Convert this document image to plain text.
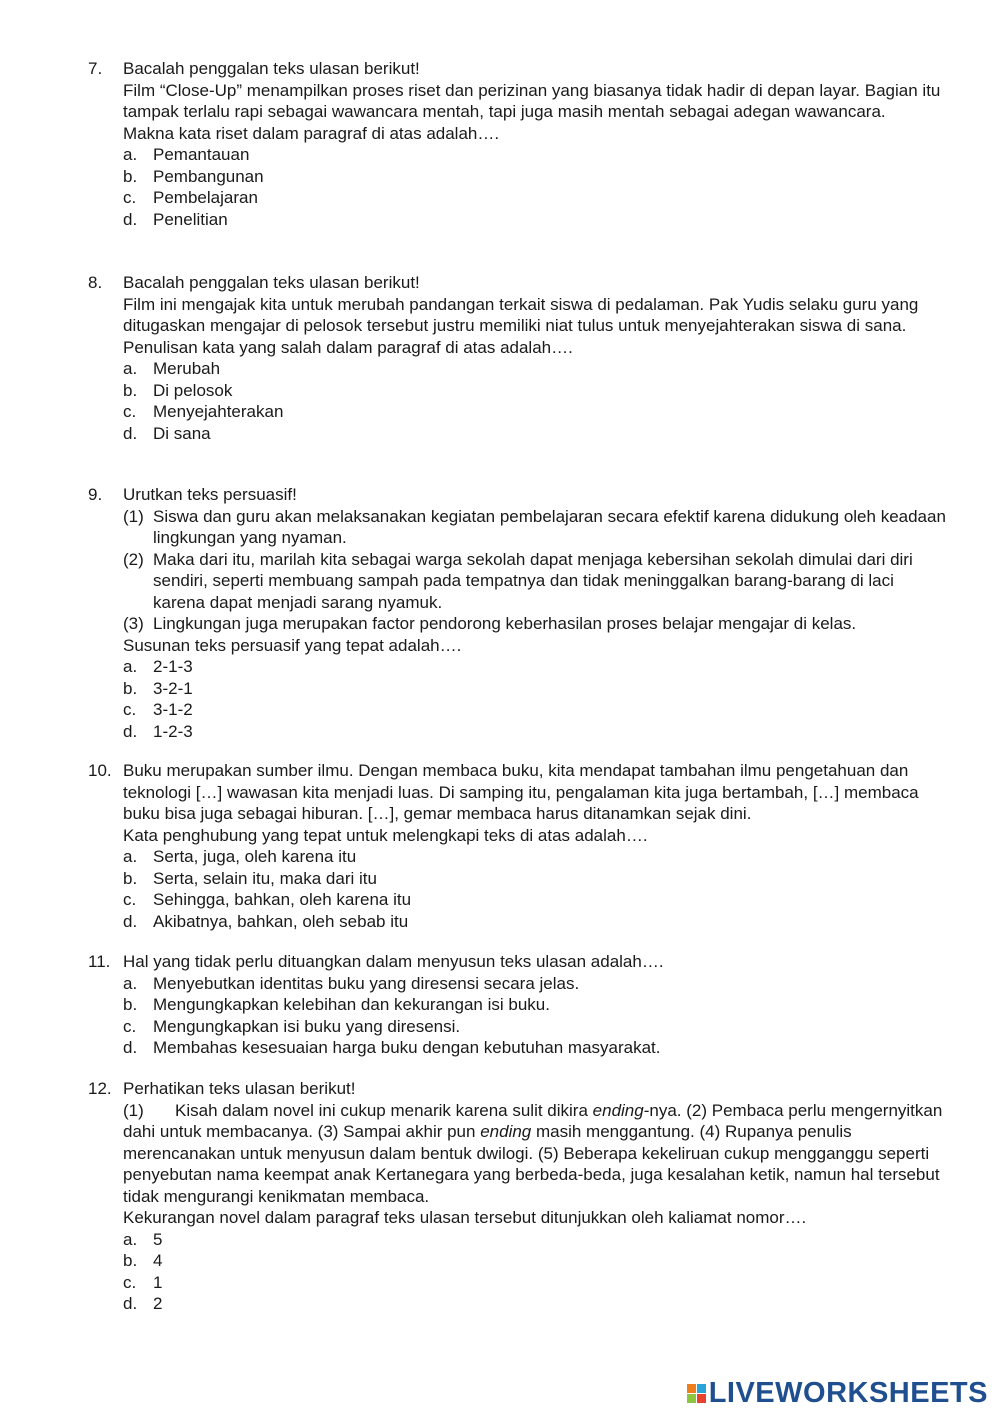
7. Bacalah penggalan teks ulasan berikut!

Film “Close-Up” menampilkan proses riset dan perizinan yang biasanya tidak hadir di depan layar. Bagian itu tampak terlalu rapi sebagai wawancara mentah, tapi juga masih mentah sebagai adegan wawancara.

Makna kata riset dalam paragraf di atas adalah….

a. Pemantauan
b. Pembangunan
c. Pembelajaran
d. Penelitian
8. Bacalah penggalan teks ulasan berikut!

Film ini mengajak kita untuk merubah pandangan terkait siswa di pedalaman. Pak Yudis selaku guru yang ditugaskan mengajar di pelosok tersebut justru memiliki niat tulus untuk menyejahterakan siswa di sana.

Penulisan kata yang salah dalam paragraf di atas adalah….

a. Merubah
b. Di pelosok
c. Menyejahterakan
d. Di sana
9. Urutkan teks persuasif!

(1) Siswa dan guru akan melaksanakan kegiatan pembelajaran secara efektif karena didukung oleh keadaan lingkungan yang nyaman.
(2) Maka dari itu, marilah kita sebagai warga sekolah dapat menjaga kebersihan sekolah dimulai dari diri sendiri, seperti membuang sampah pada tempatnya dan tidak meninggalkan barang-barang di laci karena dapat menjadi sarang nyamuk.
(3) Lingkungan juga merupakan factor pendorong keberhasilan proses belajar mengajar di kelas.

Susunan teks persuasif yang tepat adalah….

a. 2-1-3
b. 3-2-1
c. 3-1-2
d. 1-2-3
10. Buku merupakan sumber ilmu. Dengan membaca buku, kita mendapat tambahan ilmu pengetahuan dan teknologi […] wawasan kita menjadi luas. Di samping itu, pengalaman kita juga bertambah, […] membaca buku bisa juga sebagai hiburan. […], gemar membaca harus ditanamkan sejak dini.

Kata penghubung yang tepat untuk melengkapi teks di atas adalah….

a. Serta, juga, oleh karena itu
b. Serta, selain itu, maka dari itu
c. Sehingga, bahkan, oleh karena itu
d. Akibatnya, bahkan, oleh sebab itu
11. Hal yang tidak perlu dituangkan dalam menyusun teks ulasan adalah….

a. Menyebutkan identitas buku yang diresensi secara jelas.
b. Mengungkapkan kelebihan dan kekurangan isi buku.
c. Mengungkapkan isi buku yang diresensi.
d. Membahas kesesuaian harga buku dengan kebutuhan masyarakat.
12. Perhatikan teks ulasan berikut!

(1) Kisah dalam novel ini cukup menarik karena sulit dikira ending-nya. (2) Pembaca perlu mengernyitkan dahi untuk membacanya. (3) Sampai akhir pun ending masih menggantung. (4) Rupanya penulis merencanakan untuk menyusun dalam bentuk dwilogi. (5) Beberapa kekeliruan cukup mengganggu seperti penyebutan nama keempat anak Kertanegara yang berbeda-beda, juga kesalahan ketik, namun hal tersebut tidak mengurangi kenikmatan membaca.

Kekurangan novel dalam paragraf teks ulasan tersebut ditunjukkan oleh kaliamat nomor….

a. 5
b. 4
c. 1
d. 2
LIVEWORKSHEETS
